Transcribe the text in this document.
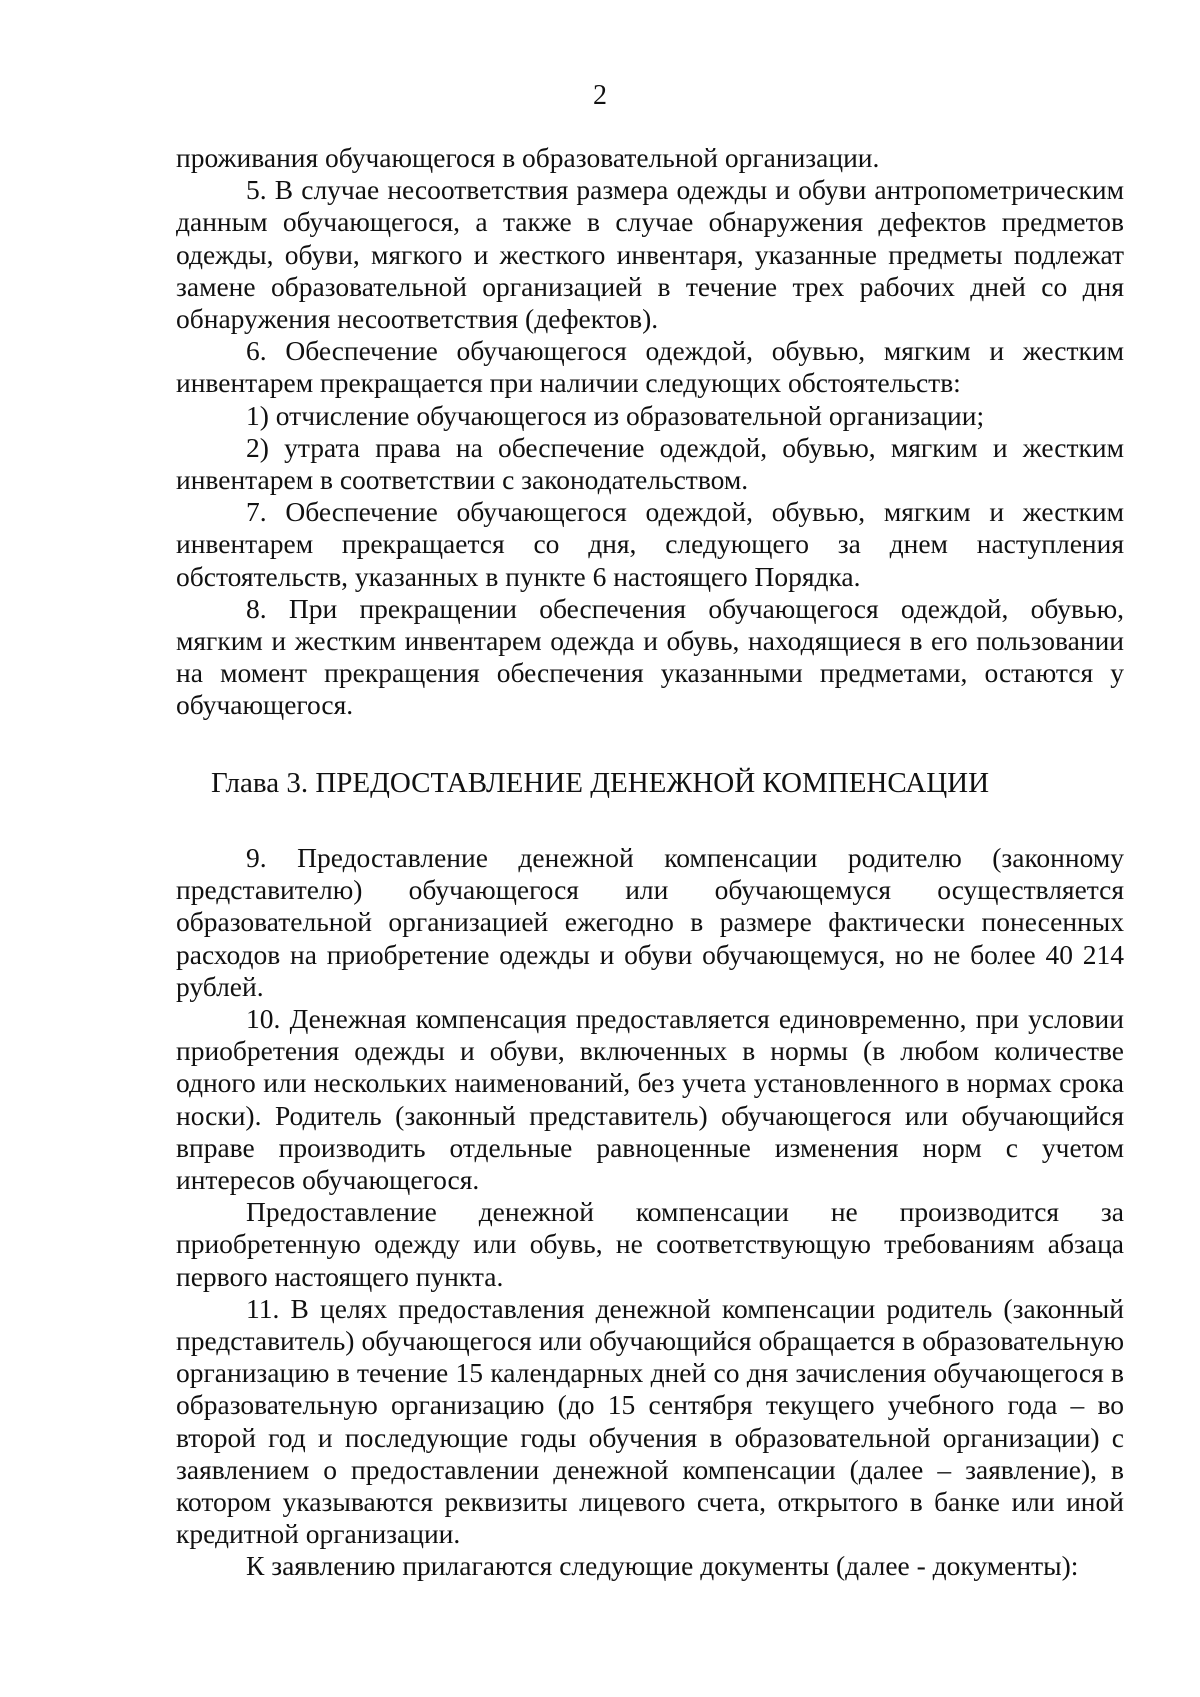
2

проживания обучающегося в образовательной организации.

5. В случае несоответствия размера одежды и обуви антропометрическим данным обучающегося, а также в случае обнаружения дефектов предметов одежды, обуви, мягкого и жесткого инвентаря, указанные предметы подлежат замене образовательной организацией в течение трех рабочих дней со дня обнаружения несоответствия (дефектов).

6. Обеспечение обучающегося одеждой, обувью, мягким и жестким инвентарем прекращается при наличии следующих обстоятельств:

1) отчисление обучающегося из образовательной организации;

2) утрата права на обеспечение одеждой, обувью, мягким и жестким инвентарем в соответствии с законодательством.

7. Обеспечение обучающегося одеждой, обувью, мягким и жестким инвентарем прекращается со дня, следующего за днем наступления обстоятельств, указанных в пункте 6 настоящего Порядка.

8. При прекращении обеспечения обучающегося одеждой, обувью, мягким и жестким инвентарем одежда и обувь, находящиеся в его пользовании на момент прекращения обеспечения указанными предметами, остаются у обучающегося.

Глава 3. ПРЕДОСТАВЛЕНИЕ ДЕНЕЖНОЙ КОМПЕНСАЦИИ

9. Предоставление денежной компенсации родителю (законному представителю) обучающегося или обучающемуся осуществляется образовательной организацией ежегодно в размере фактически понесенных расходов на приобретение одежды и обуви обучающемуся, но не более 40 214 рублей.

10. Денежная компенсация предоставляется единовременно, при условии приобретения одежды и обуви, включенных в нормы (в любом количестве одного или нескольких наименований, без учета установленного в нормах срока носки). Родитель (законный представитель) обучающегося или обучающийся вправе производить отдельные равноценные изменения норм с учетом интересов обучающегося.

Предоставление денежной компенсации не производится за приобретенную одежду или обувь, не соответствующую требованиям абзаца первого настоящего пункта.

11. В целях предоставления денежной компенсации родитель (законный представитель) обучающегося или обучающийся обращается в образовательную организацию в течение 15 календарных дней со дня зачисления обучающегося в образовательную организацию (до 15 сентября текущего учебного года – во второй год и последующие годы обучения в образовательной организации) с заявлением о предоставлении денежной компенсации (далее – заявление), в котором указываются реквизиты лицевого счета, открытого в банке или иной кредитной организации.

К заявлению прилагаются следующие документы (далее - документы):
